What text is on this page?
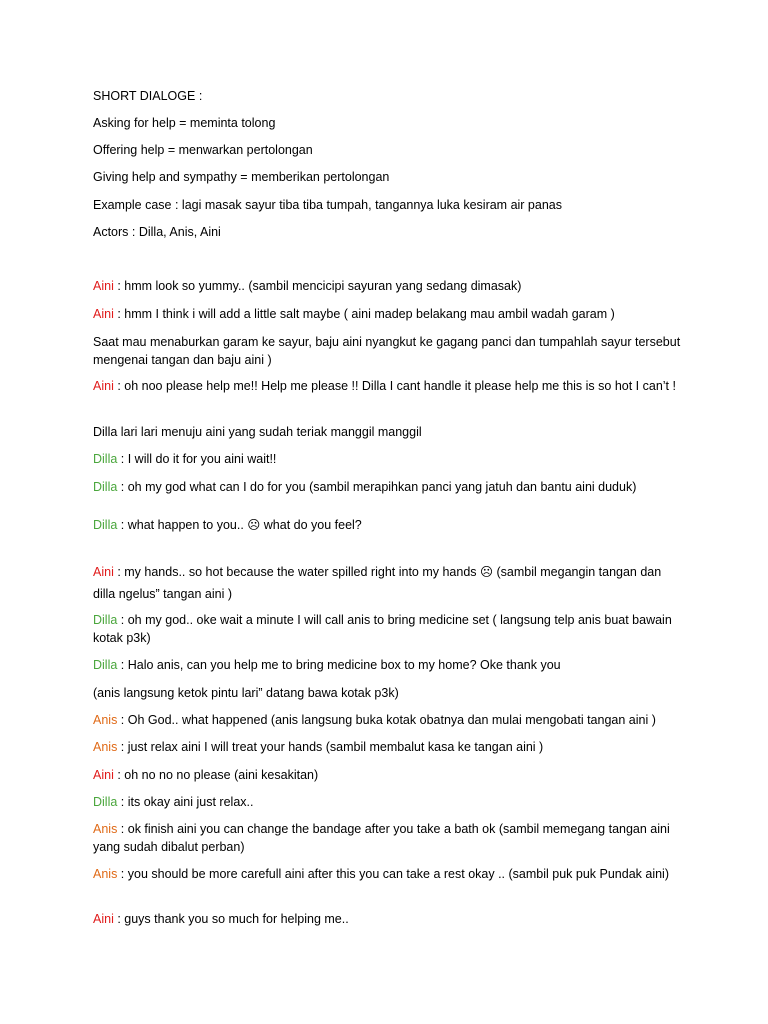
SHORT DIALOGE :
Asking for help = meminta tolong
Offering help = menwarkan pertolongan
Giving help and sympathy = memberikan pertolongan
Example case : lagi masak sayur tiba tiba tumpah, tangannya luka kesiram air panas
Actors : Dilla, Anis, Aini
Aini : hmm look so yummy.. (sambil mencicipi sayuran yang sedang dimasak)
Aini : hmm I think i will add a little salt maybe ( aini madep belakang mau ambil wadah garam )
Saat mau menaburkan garam ke sayur, baju aini nyangkut ke gagang panci dan tumpahlah sayur tersebut mengenai tangan dan baju aini )
Aini : oh noo please help me!! Help me please !! Dilla I cant handle it please help me this is so hot I can’t !
Dilla lari lari menuju aini yang sudah teriak manggil manggil
Dilla : I will do it for you aini wait!!
Dilla : oh my god what can I do for you (sambil merapihkan panci yang jatuh dan bantu aini duduk)
Dilla : what happen to you.. ☹ what do you feel?
Aini : my hands.. so hot because the water spilled right into my hands ☹ (sambil megangin tangan dan dilla ngelus” tangan aini )
Dilla : oh my god.. oke wait a minute I will call anis to bring medicine set ( langsung telp anis buat bawain kotak p3k)
Dilla : Halo anis, can you help me to bring medicine box to my home? Oke thank you
(anis langsung ketok pintu lari” datang bawa kotak p3k)
Anis : Oh God.. what happened (anis langsung buka kotak obatnya dan mulai mengobati tangan aini )
Anis : just relax aini I will treat your hands (sambil membalut kasa ke tangan aini )
Aini : oh no no no please (aini kesakitan)
Dilla : its okay aini just relax..
Anis : ok finish aini you can change the bandage after you take a bath ok (sambil memegang tangan aini yang sudah dibalut perban)
Anis : you should be more carefull aini after this you can take a rest okay .. (sambil puk puk Pundak aini)
Aini : guys thank you so much for helping me..
